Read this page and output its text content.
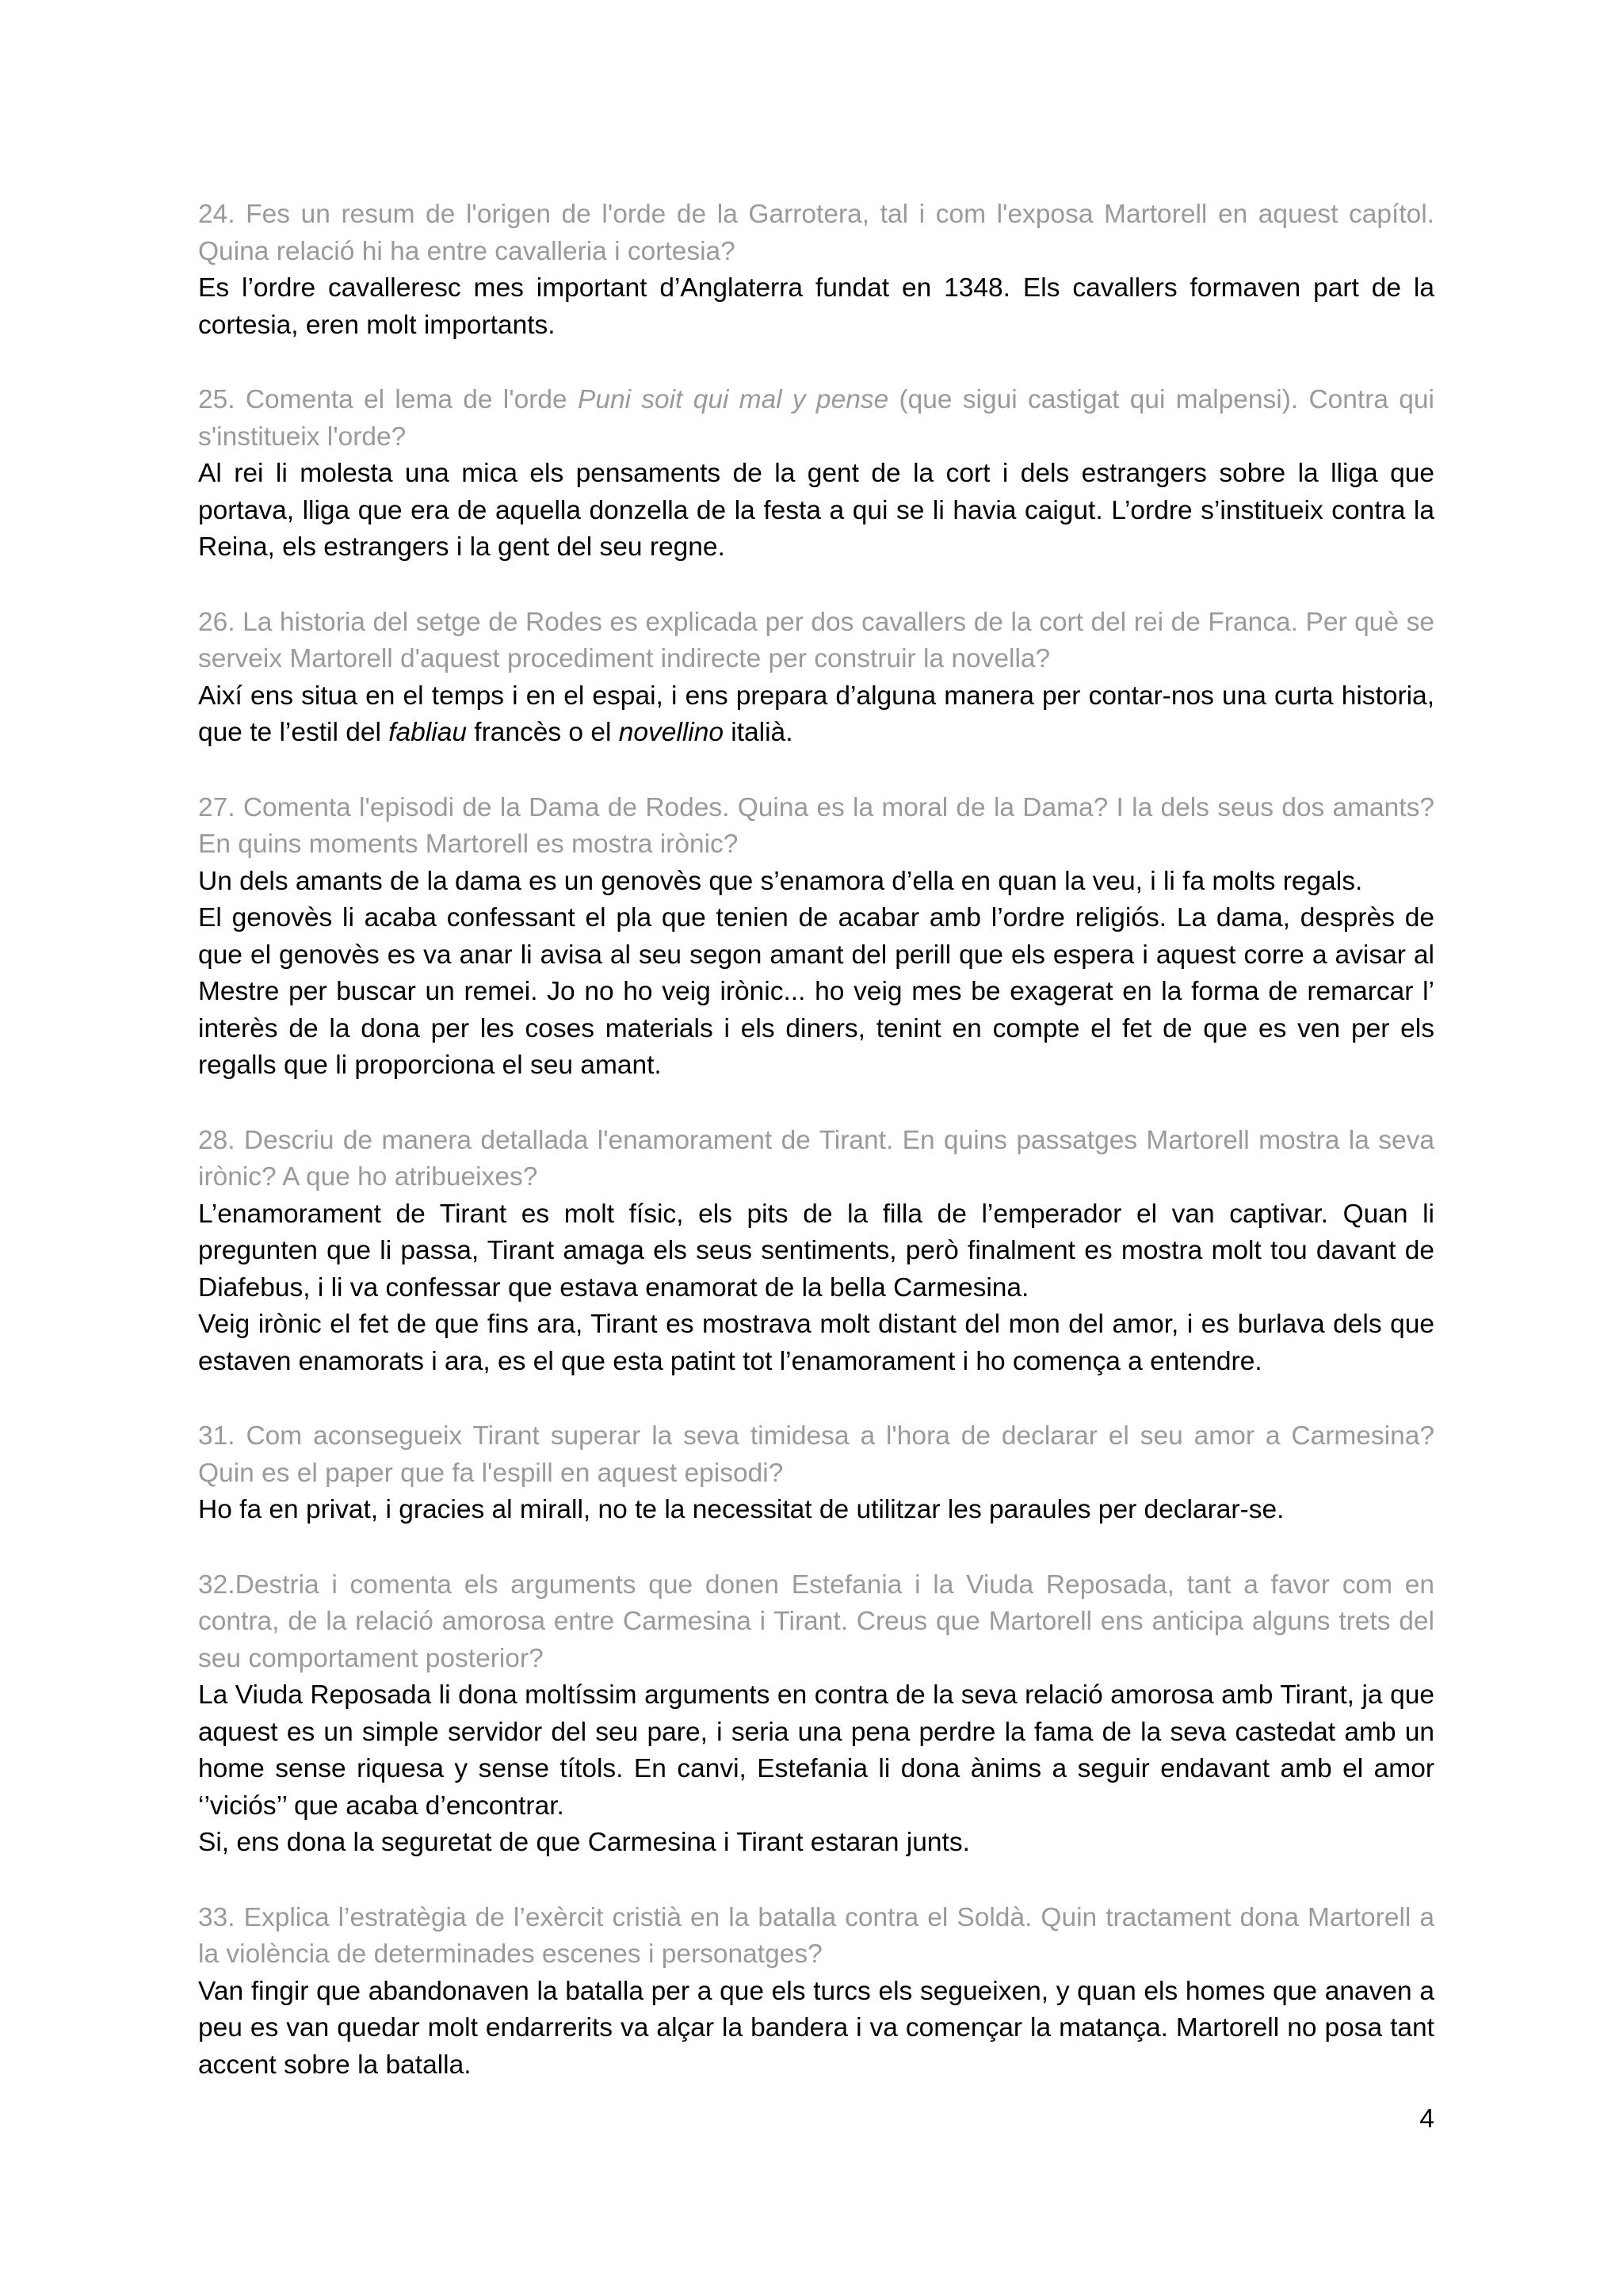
24. Fes un resum de l'origen de l'orde de la Garrotera, tal i com l'exposa Martorell en aquest capítol. Quina relació hi ha entre cavalleria i cortesia?

Es l’ordre cavalleresc mes important d’Anglaterra fundat en 1348. Els cavallers formaven part de la cortesia, eren molt importants.

25. Comenta el lema de l'orde Puni soit qui mal y pense (que sigui castigat qui malpensi). Contra qui s'instituеix l'orde?

Al rei li molesta una mica els pensaments de la gent de la cort i dels estrangers sobre la lliga que portava, lliga que era de aquella donzella de la festa a qui se li havia caigut. L’ordre s’instituеix contra la Reina, els estrangers i la gent del seu regne.

26. La historia del setge de Rodes es explicada per dos cavallers de la cort del rei de Franca. Per què se serveix Martorell d'aquest procediment indirecte per construir la novella?

Així ens situa en el temps i en el espai, i ens prepara d’alguna manera per contar-nos una curta historia, que te l’estil del fabliau francès o el novellino italià.

27. Comenta l'episodi de la Dama de Rodes. Quina es la moral de la Dama? I la dels seus dos amants? En quins moments Martorell es mostra irònic?

Un dels amants de la dama es un genovès que s’enamora d’ella en quan la veu, i li fa molts regals.

El genovès li acaba confessant el pla que tenien de acabar amb l’ordre religiós. La dama, desprès de que el genovès es va anar li avisa al seu segon amant del perill que els espera i aquest corre a avisar al Mestre per buscar un remei. Jo no ho veig irònic... ho veig mes be exagerat en la forma de remarcar l’ interès de la dona per les coses materials i els diners, tenint en compte el fet de que es ven per els regalls que li proporciona el seu amant.

28. Descriu de manera detallada l'enamorament de Tirant. En quins passatges Martorell mostra la seva irònic? A que ho atribueixes?

L’enamorament de Tirant es molt físic, els pits de la filla de l’emperador el van captivar. Quan li pregunten que li passa, Tirant amaga els seus sentiments, però finalment es mostra molt tou davant de Diafebus, i li va confessar que estava enamorat de la bella Carmesina.

Veig irònic el fet de que fins ara, Tirant es mostrava molt distant del mon del amor, i es burlava dels que estaven enamorats i ara, es el que esta patint tot l’enamorament i ho comença a entendre.

31. Com aconsegueix Tirant superar la seva timidesa a l'hora de declarar el seu amor a Carmesina? Quin es el paper que fa l'espill en aquest episodi?

Ho fa en privat, i gracies al mirall, no te la necessitat de utilitzar les paraules per declarar-se.

32.Destria i comenta els arguments que donen Estefania i la Viuda Reposada, tant a favor com en contra, de la relació amorosa entre Carmesina i Tirant. Creus que Martorell ens anticipa alguns trets del seu comportament posterior?

La Viuda Reposada li dona moltíssim arguments en contra de la seva relació amorosa amb Tirant, ja que aquest es un simple servidor del seu pare, i seria una pena perdre la fama de la seva castedat amb un home sense riquesa y sense títols. En canvi, Estefania li dona ànims a seguir endavant amb el amor ‘’viciós’’ que acaba d’encontrar.

Si, ens dona la seguretat de que Carmesina i Tirant estaran junts.

33. Explica l’estratègia de l’exèrcit cristià en la batalla contra el Soldà. Quin tractament dona Martorell a la violència de determinades escenes i personatges?

Van fingir que abandonaven la batalla per a que els turcs els segueixen, y quan els homes que anaven a peu es van quedar molt endarrerits va alçar la bandera i va començar la matança. Martorell no posa tant accent sobre la batalla.

4
